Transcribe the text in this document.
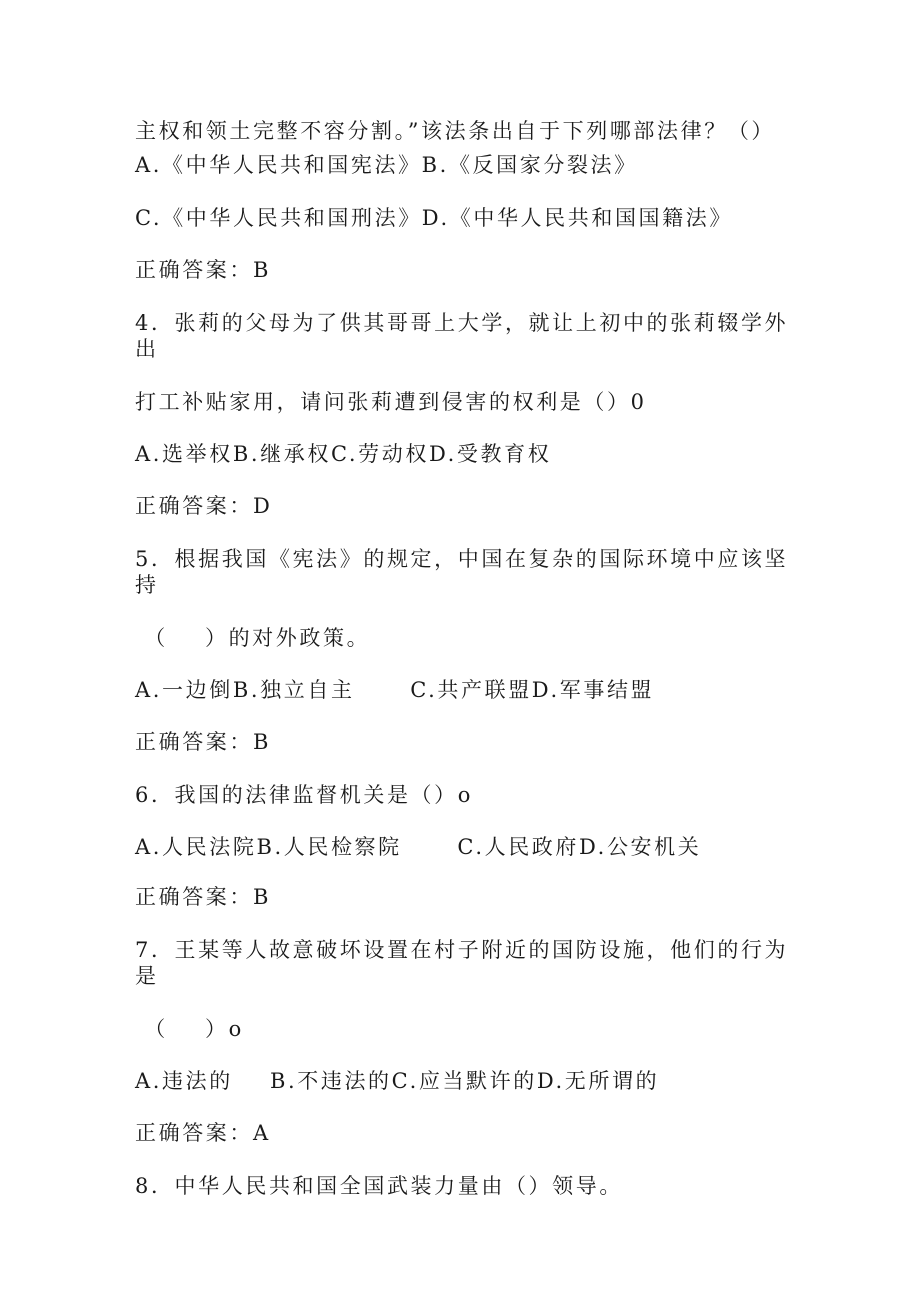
主权和领土完整不容分割。”该法条出自于下列哪部法律？（）
A.《中华人民共和国宪法》B.《反国家分裂法》
C.《中华人民共和国刑法》D.《中华人民共和国国籍法》
正确答案：B
4．张莉的父母为了供其哥哥上大学，就让上初中的张莉辍学外
出
打工补贴家用，请问张莉遭到侵害的权利是（）0
A.选举权B.继承权C.劳动权D.受教育权
正确答案：D
5．根据我国《宪法》的规定，中国在复杂的国际环境中应该坚
持
（    ）的对外政策。
A.一边倒B.独立自主      C.共产联盟D.军事结盟
正确答案：B
6．我国的法律监督机关是（）o
A.人民法院B.人民检察院      C.人民政府D.公安机关
正确答案：B
7．王某等人故意破坏设置在村子附近的国防设施，他们的行为
是
（    ）o
A.违法的    B.不违法的C.应当默许的D.无所谓的
正确答案：A
8．中华人民共和国全国武装力量由（）领导。
